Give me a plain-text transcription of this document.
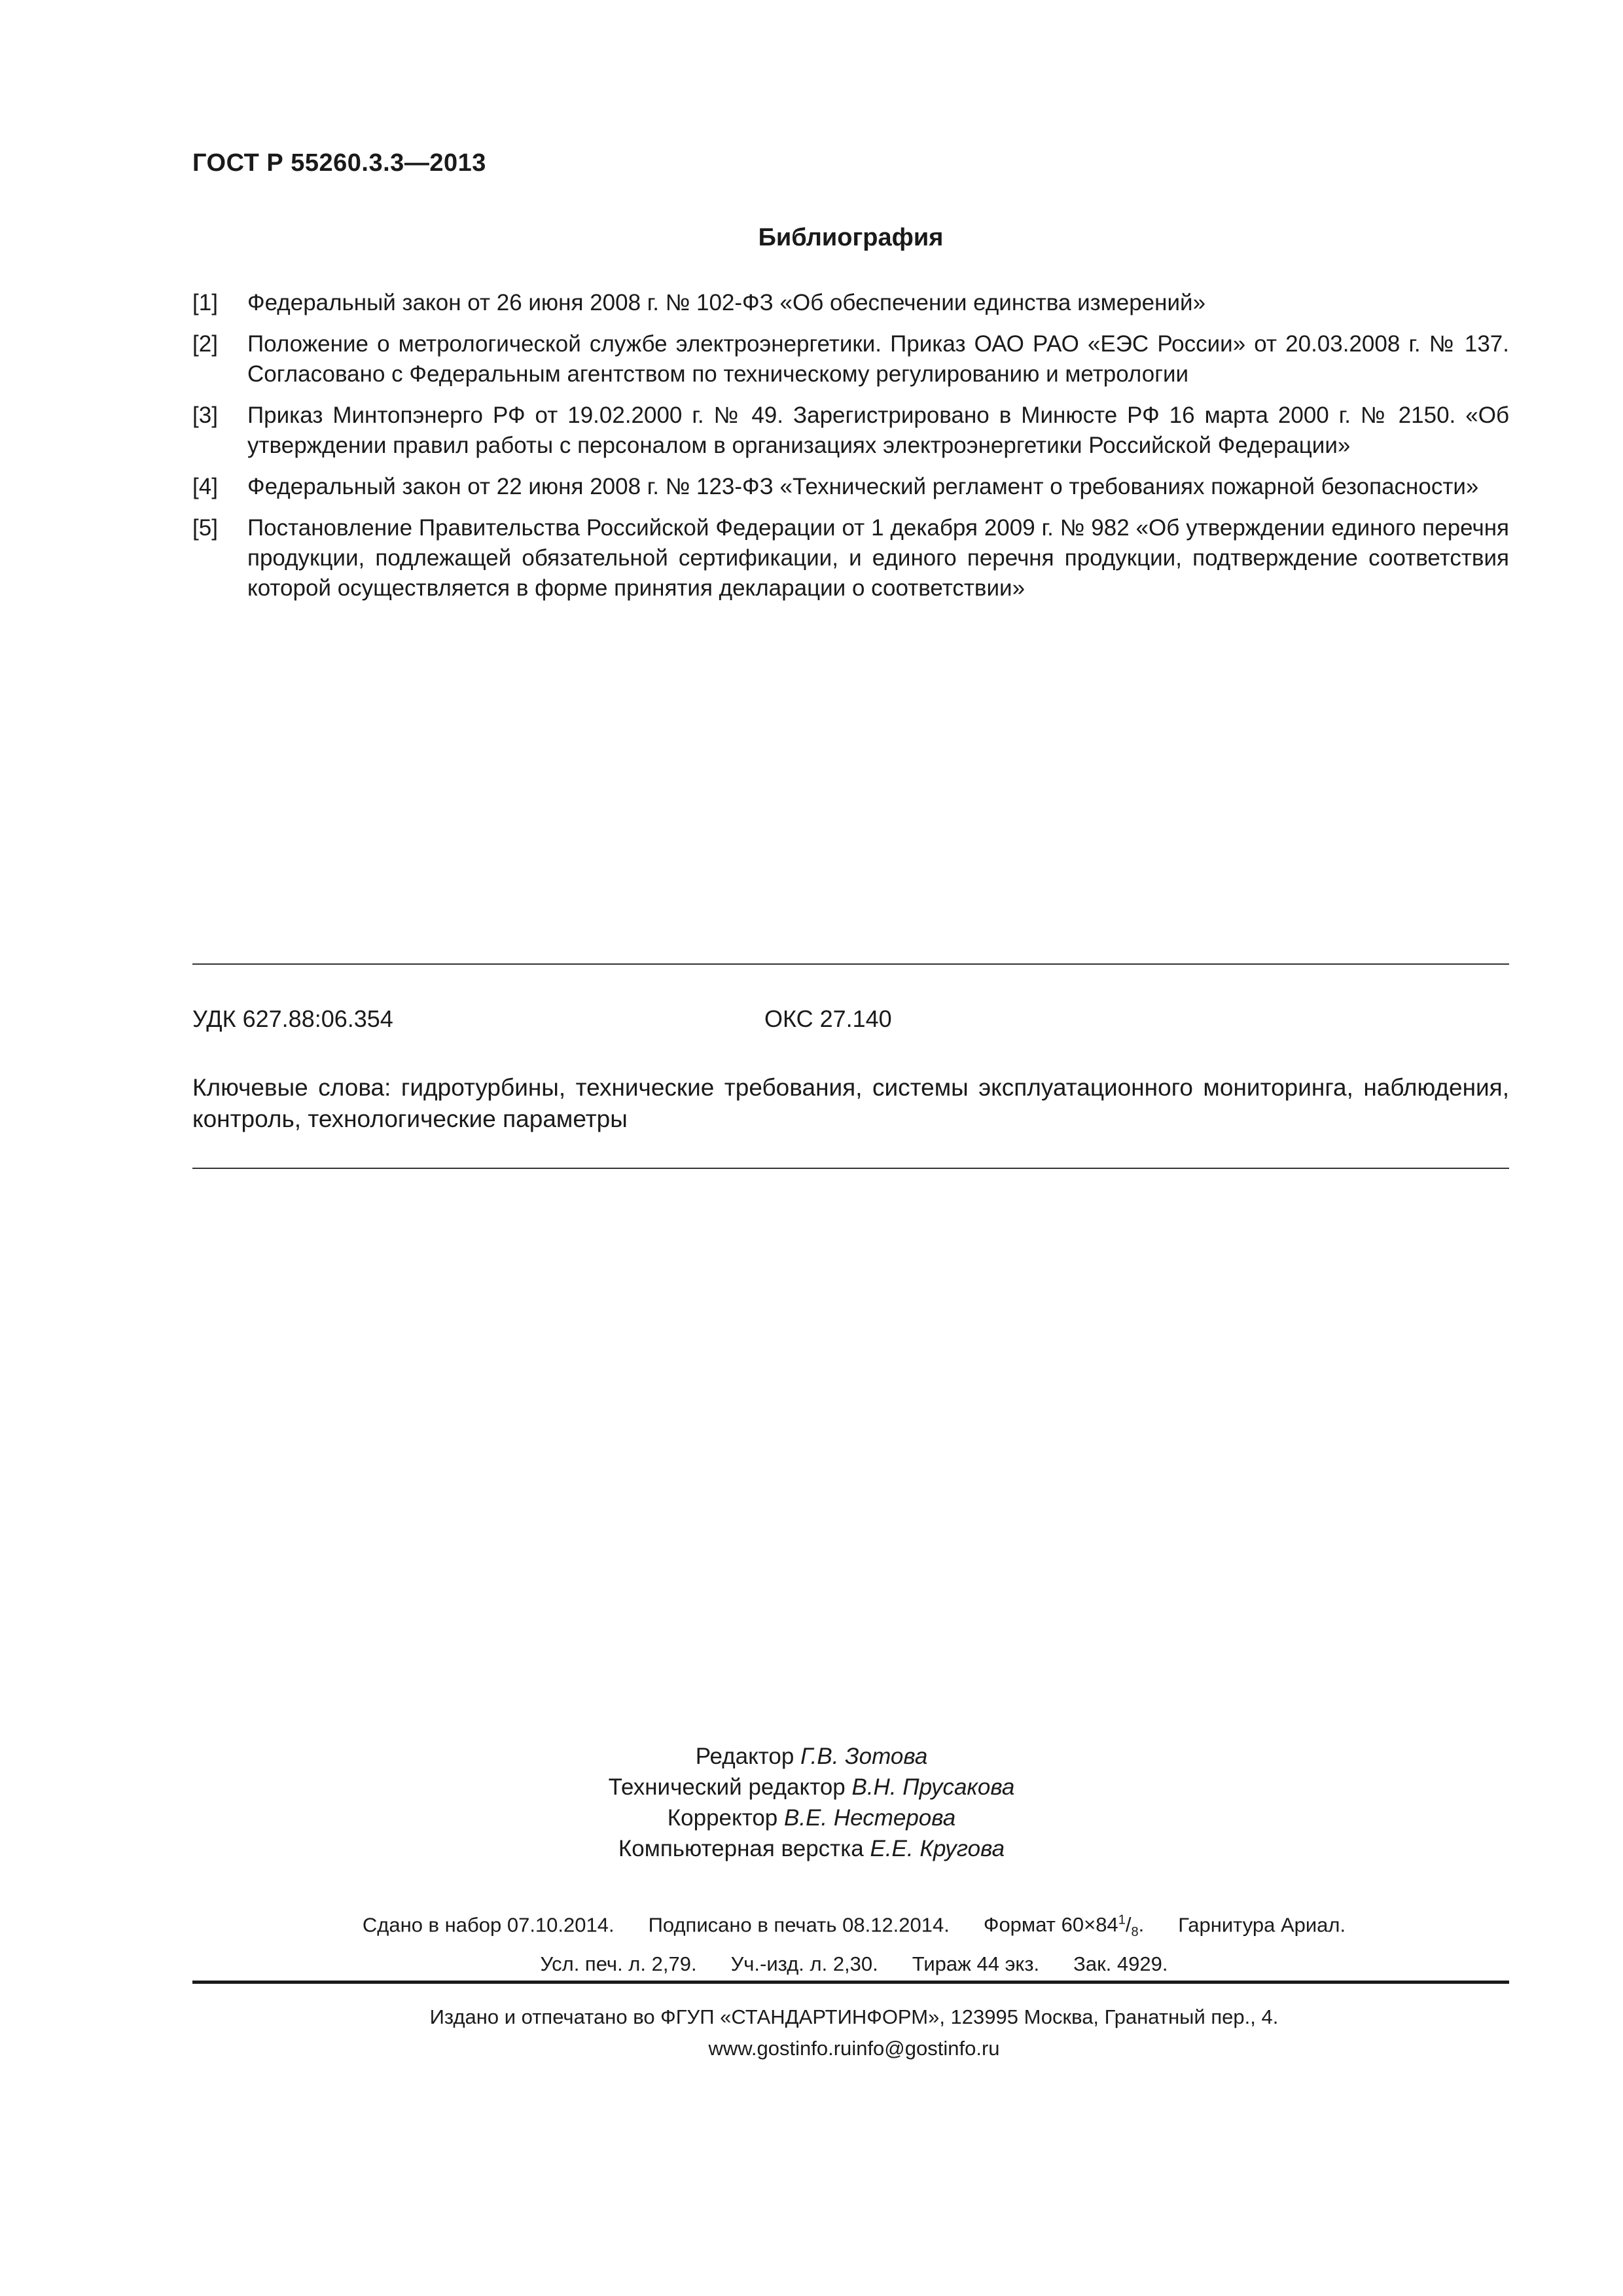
ГОСТ Р 55260.3.3—2013
Библиография
[1]	Федеральный закон от 26 июня 2008 г. № 102-ФЗ «Об обеспечении единства измерений»
[2]	Положение о метрологической службе электроэнергетики. Приказ ОАО РАО «ЕЭС России» от 20.03.2008 г. № 137. Согласовано с Федеральным агентством по техническому регулированию и метрологии
[3]	Приказ Минтопэнерго РФ от 19.02.2000 г. № 49. Зарегистрировано в Минюсте РФ 16 марта 2000 г. № 2150. «Об утверждении правил работы с персоналом в организациях электроэнергетики Российской Федерации»
[4]	Федеральный закон от 22 июня 2008 г. № 123-ФЗ «Технический регламент о требованиях пожарной безопасности»
[5]	Постановление Правительства Российской Федерации от 1 декабря 2009 г. № 982 «Об утверждении единого перечня продукции, подлежащей обязательной сертификации, и единого перечня продукции, подтверждение соответствия которой осуществляется в форме принятия декларации о соответствии»
УДК 627.88:06.354	ОКС 27.140
Ключевые слова: гидротурбины, технические требования, системы эксплуатационного мониторинга, наблюдения, контроль, технологические параметры
Редактор Г.В. Зотова
Технический редактор В.Н. Прусакова
Корректор В.Е. Нестерова
Компьютерная верстка Е.Е. Кругова
Сдано в набор 07.10.2014. Подписано в печать 08.12.2014. Формат $60\times 84^1/_8$. Гарнитура Ариал.
Усл. печ. л. 2,79. Уч.-изд. л. 2,30. Тираж 44 экз. Зак. 4929.
Издано и отпечатано во ФГУП «СТАНДАРТИНФОРМ», 123995 Москва, Гранатный пер., 4.
www.gostinfo.ruinfo@gostinfo.ru
